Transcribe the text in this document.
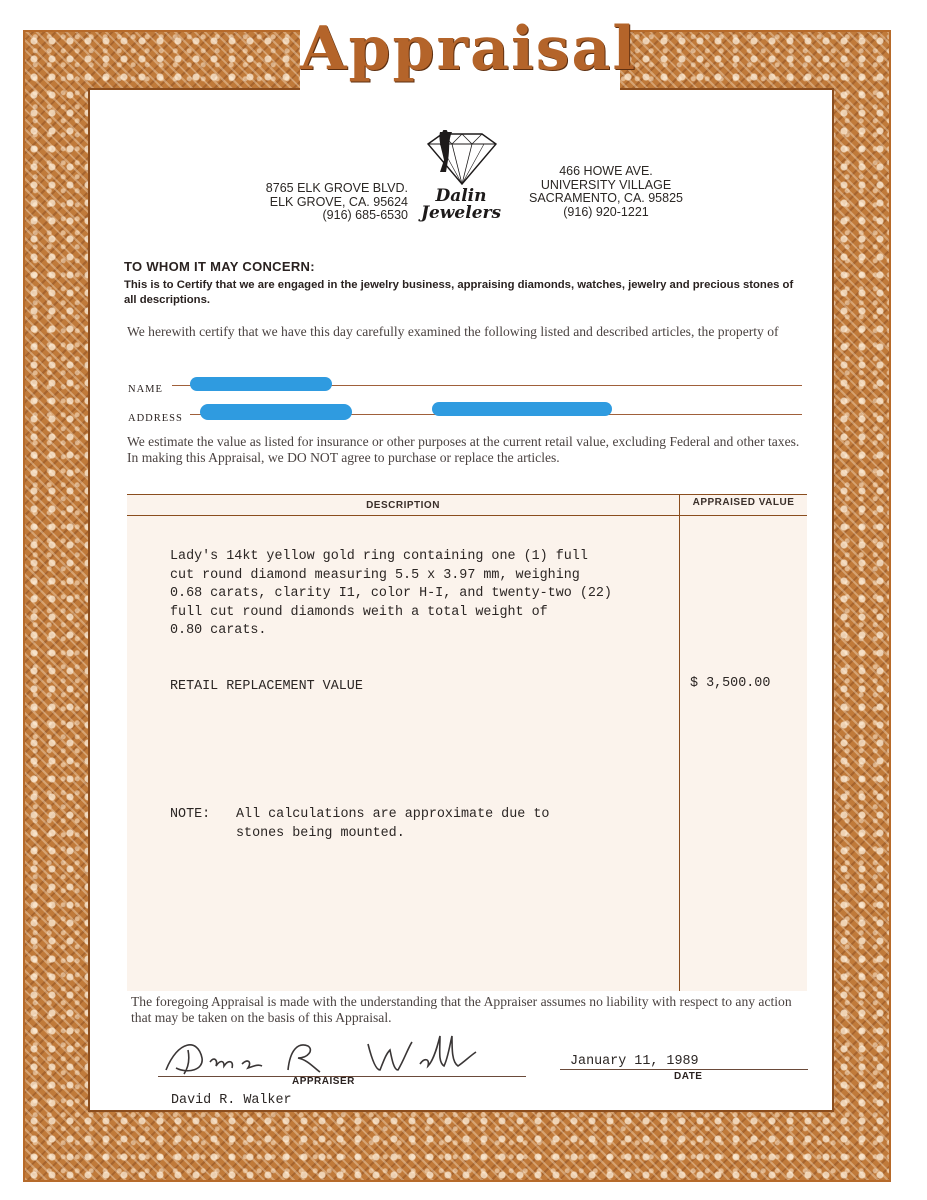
Appraisal
Dalin
Jewelers
8765 ELK GROVE BLVD.
ELK GROVE, CA. 95624
(916) 685-6530
466 HOWE AVE.
UNIVERSITY VILLAGE
SACRAMENTO, CA. 95825
(916) 920-1221
TO WHOM IT MAY CONCERN:
This is to Certify that we are engaged in the jewelry business, appraising diamonds, watches, jewelry and precious stones of all descriptions.
We herewith certify that we have this day carefully examined the following listed and described articles, the property of
NAME
ADDRESS
We estimate the value as listed for insurance or other purposes at the current retail value, excluding Federal and other taxes. In making this Appraisal, we DO NOT agree to purchase or replace the articles.
DESCRIPTION	APPRAISED VALUE
Lady's 14kt yellow gold ring containing one (1) full
cut round diamond measuring 5.5 x 3.97 mm, weighing
0.68 carats, clarity I1, color H-I, and twenty-two (22)
full cut round diamonds weith a total weight of
0.80 carats.
RETAIL REPLACEMENT VALUE	$ 3,500.00
NOTE: All calculations are approximate due to
stones being mounted.
The foregoing Appraisal is made with the understanding that the Appraiser assumes no liability with respect to any action that may be taken on the basis of this Appraisal.
APPRAISER
January 11, 1989
DATE
David R. Walker
